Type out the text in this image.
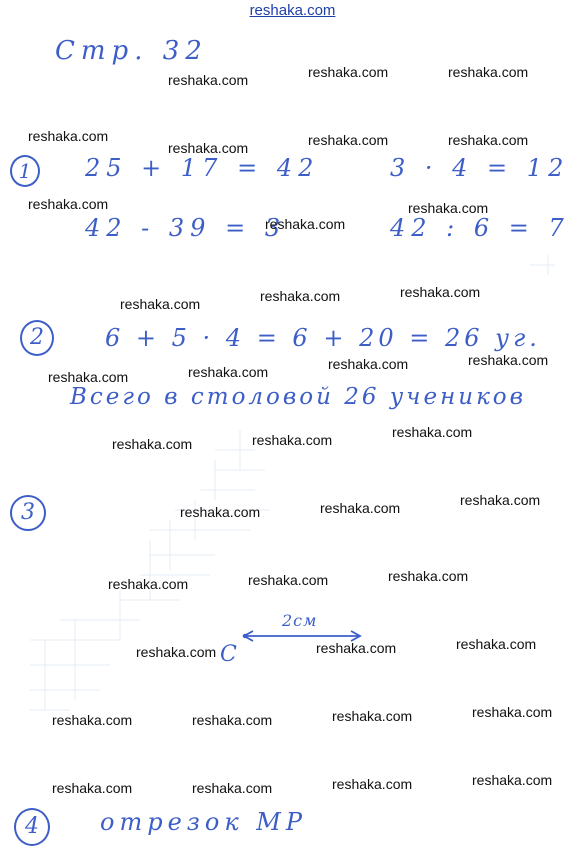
reshaka.com
Стр. 32
1	25 + 17 = 42	3 · 4 = 12
42 - 39 = 3	42 : 6 = 7
2	6 + 5 · 4 = 6 + 20 = 26 уг.
Всего в столовой 26 учеников
3
2см
C
4	отрезок МР
reshaka.com	reshaka.com	reshaka.com
reshaka.com
reshaka.com	reshaka.com	reshaka.com
reshaka.com	reshaka.com
reshaka.com
reshaka.com	reshaka.com	reshaka.com
reshaka.com	reshaka.com	reshaka.com
reshaka.com
reshaka.com	reshaka.com	reshaka.com
reshaka.com	reshaka.com	reshaka.com
reshaka.com	reshaka.com	reshaka.com
reshaka.com	reshaka.com	reshaka.com
reshaka.com	reshaka.com	reshaka.com	reshaka.com
reshaka.com	reshaka.com	reshaka.com	reshaka.com
